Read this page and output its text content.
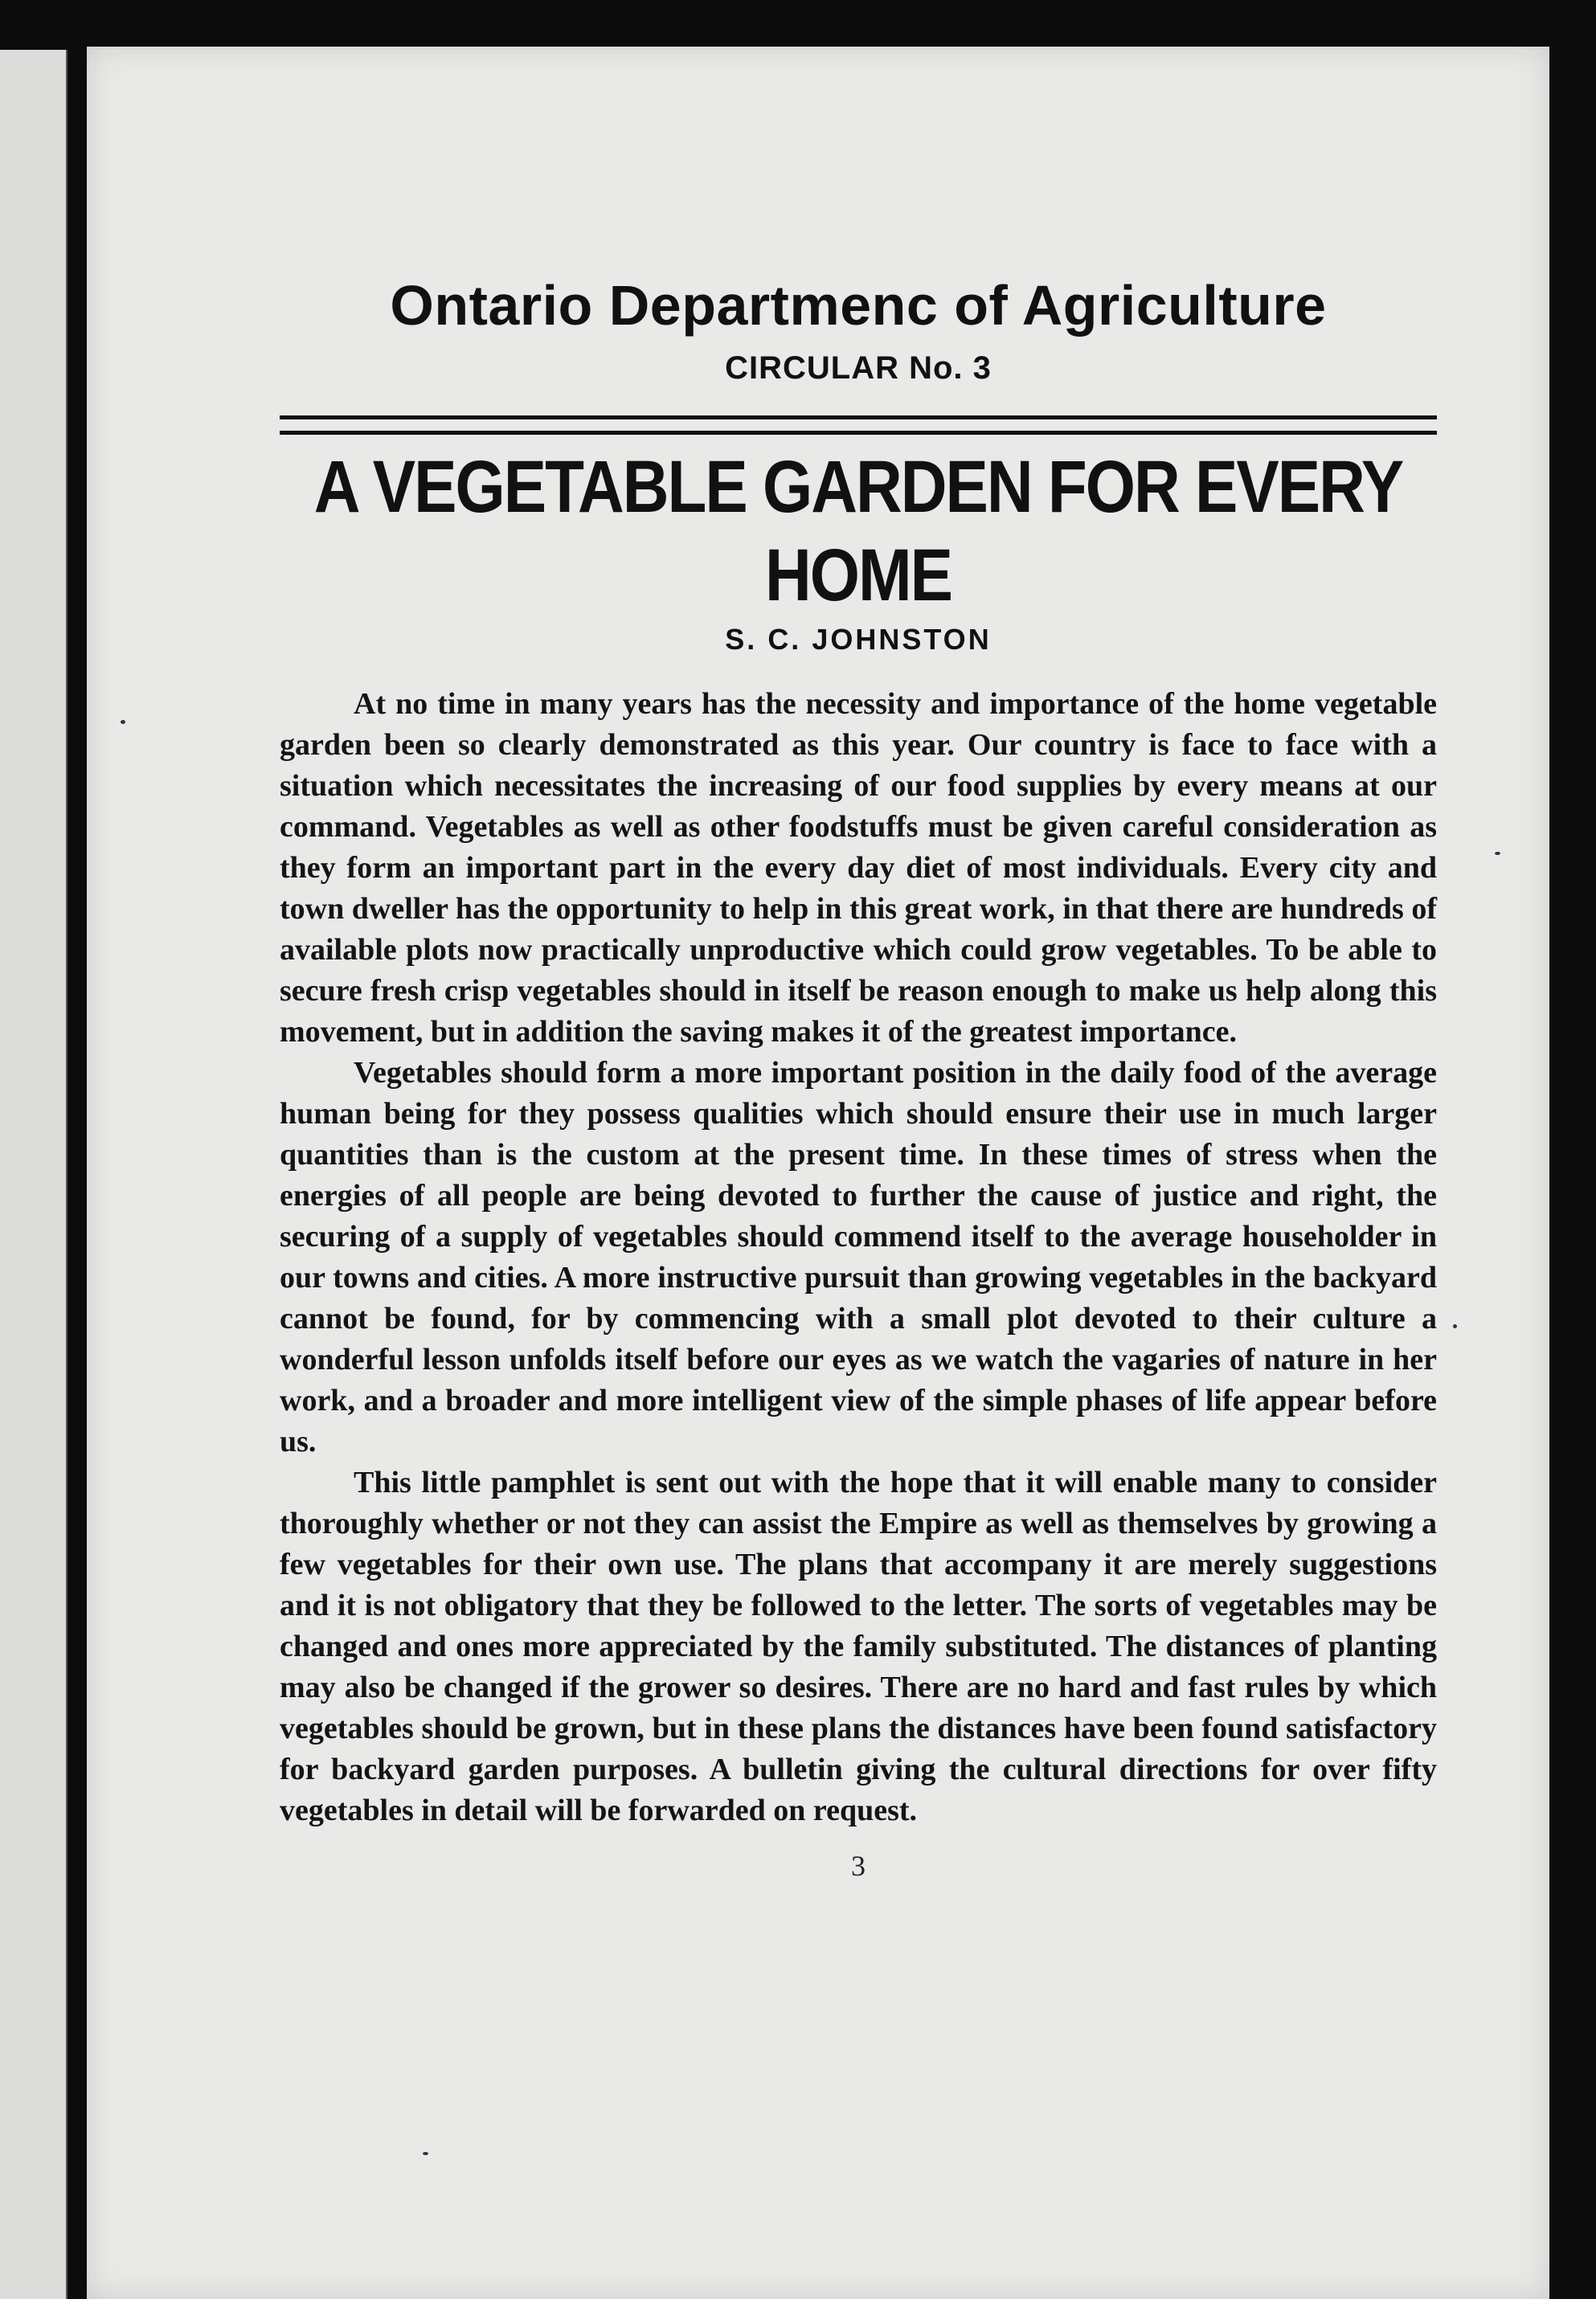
Ontario Departmenc of Agriculture
CIRCULAR No. 3
A VEGETABLE GARDEN FOR EVERY HOME
S. C. JOHNSTON

At no time in many years has the necessity and importance of the home vegetable garden been so clearly demonstrated as this year. Our country is face to face with a situation which necessitates the increasing of our food supplies by every means at our command. Vegetables as well as other foodstuffs must be given careful consideration as they form an important part in the every day diet of most individuals. Every city and town dweller has the opportunity to help in this great work, in that there are hundreds of available plots now practically unproductive which could grow vegetables. To be able to secure fresh crisp vegetables should in itself be reason enough to make us help along this movement, but in addition the saving makes it of the greatest importance.

Vegetables should form a more important position in the daily food of the average human being for they possess qualities which should ensure their use in much larger quantities than is the custom at the present time. In these times of stress when the energies of all people are being devoted to further the cause of justice and right, the securing of a supply of vegetables should commend itself to the average householder in our towns and cities. A more instructive pursuit than growing vegetables in the backyard cannot be found, for by commencing with a small plot devoted to their culture a wonderful lesson unfolds itself before our eyes as we watch the vagaries of nature in her work, and a broader and more intelligent view of the simple phases of life appear before us.

This little pamphlet is sent out with the hope that it will enable many to consider thoroughly whether or not they can assist the Empire as well as themselves by growing a few vegetables for their own use. The plans that accompany it are merely suggestions and it is not obligatory that they be followed to the letter. The sorts of vegetables may be changed and ones more appreciated by the family substituted. The distances of planting may also be changed if the grower so desires. There are no hard and fast rules by which vegetables should be grown, but in these plans the distances have been found satisfactory for backyard garden purposes. A bulletin giving the cultural directions for over fifty vegetables in detail will be forwarded on request.

3
